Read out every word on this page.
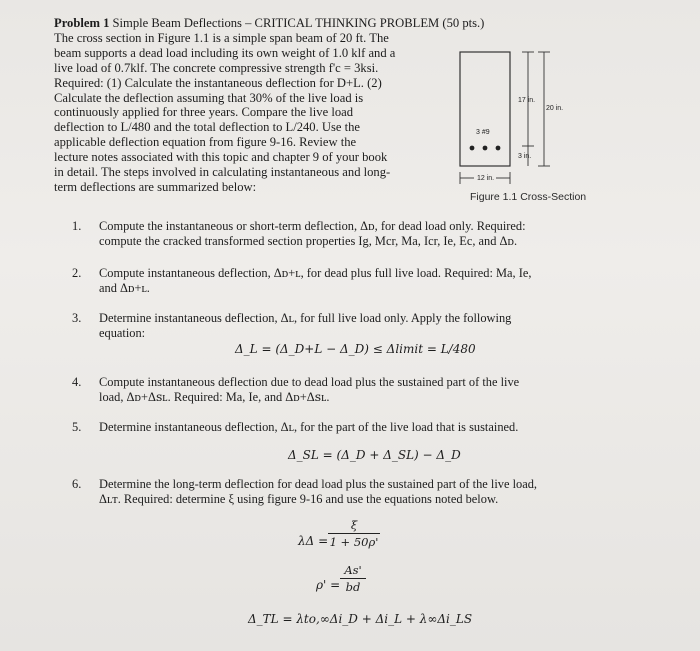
Problem 1 Simple Beam Deflections – CRITICAL THINKING PROBLEM (50 pts.)
The cross section in Figure 1.1 is a simple span beam of 20 ft. The
beam supports a dead load including its own weight of 1.0 klf and a
live load of 0.7klf. The concrete compressive strength f'c = 3ksi.
Required: (1) Calculate the instantaneous deflection for D+L. (2)
Calculate the deflection assuming that 30% of the live load is
continuously applied for three years. Compare the live load
deflection to L/480 and the total deflection to L/240. Use the
applicable deflection equation from figure 9-16. Review the
lecture notes associated with this topic and chapter 9 of your book
in detail. The steps involved in calculating instantaneous and long-
term deflections are summarized below:
3 #9
17 in.
20 in.
3 in.
12 in.
Figure 1.1 Cross-Section
1. Compute the instantaneous or short-term deflection, Δᴅ, for dead load only. Required:
compute the cracked transformed section properties Ig, Mcr, Ma, Icr, Ie, Ec, and Δᴅ.
2. Compute instantaneous deflection, Δᴅ+ʟ, for dead plus full live load. Required: Ma, Ie,
and Δᴅ+ʟ.
3. Determine instantaneous deflection, Δʟ, for full live load only. Apply the following
equation:
4. Compute instantaneous deflection due to dead load plus the sustained part of the live
load, Δᴅ+Δꜱʟ. Required: Ma, Ie, and Δᴅ+Δꜱʟ.
5. Determine instantaneous deflection, Δʟ, for the part of the live load that is sustained.
6. Determine the long-term deflection for dead load plus the sustained part of the live load,
Δʟᴛ. Required: determine ξ using figure 9-16 and use the equations noted below.
Δ_L = (Δ_D+L − Δ_D) ≤ Δlimit = L/480
Δ_SL = (Δ_D + Δ_SL) − Δ_D
λΔ =
ξ
1 + 50ρ'
ρ' =
As'
bd
Δ_TL = λto,∞Δi_D + Δi_L + λ∞Δi_LS
